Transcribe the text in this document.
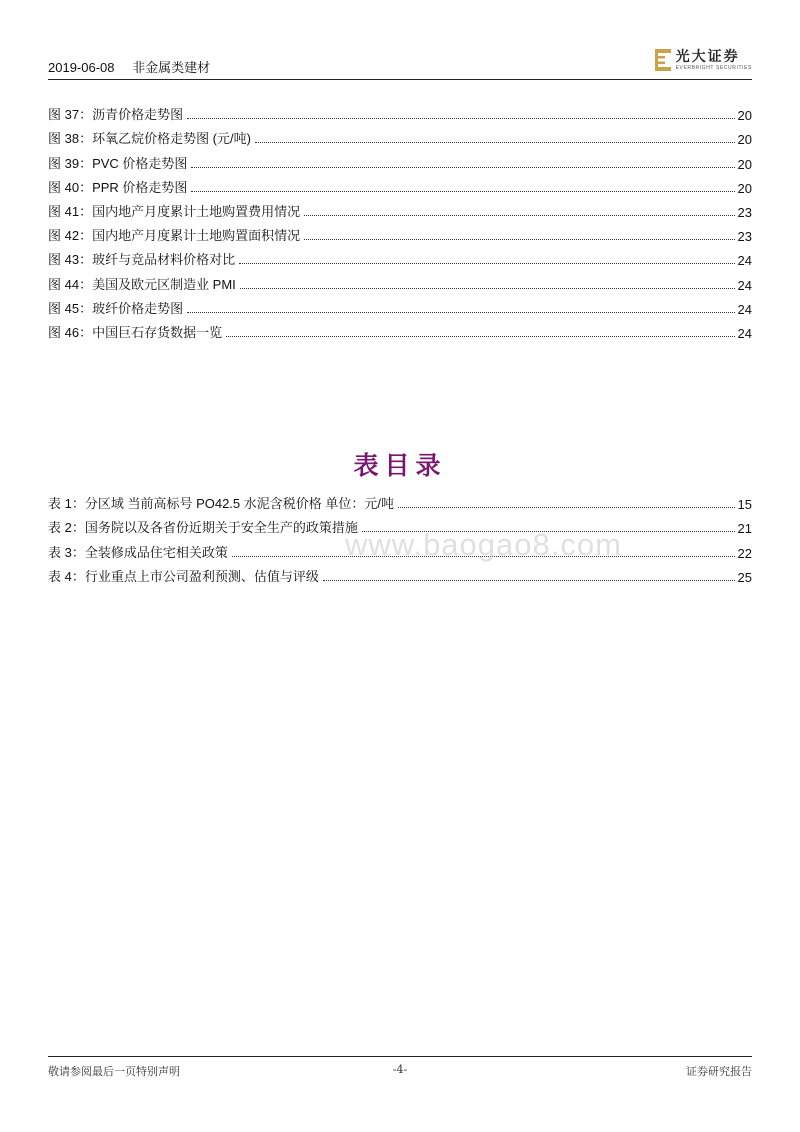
2019-06-08 非金属类建材
光大证券
EVERBRIGHT SECURITIES
图 37：沥青价格走势图	20
图 38：环氧乙烷价格走势图 (元/吨)	20
图 39：PVC 价格走势图	20
图 40：PPR 价格走势图	20
图 41：国内地产月度累计土地购置费用情况	23
图 42：国内地产月度累计土地购置面积情况	23
图 43：玻纤与竞品材料价格对比	24
图 44：美国及欧元区制造业 PMI	24
图 45：玻纤价格走势图	24
图 46：中国巨石存货数据一览	24
表目录
表 1：分区域 当前高标号 PO42.5 水泥含税价格 单位：元/吨	15
表 2：国务院以及各省份近期关于安全生产的政策措施	21
表 3：全装修成品住宅相关政策	22
表 4：行业重点上市公司盈利预测、估值与评级	25
www.baogao8.com
敬请参阅最后一页特别声明	-4-	证券研究报告
